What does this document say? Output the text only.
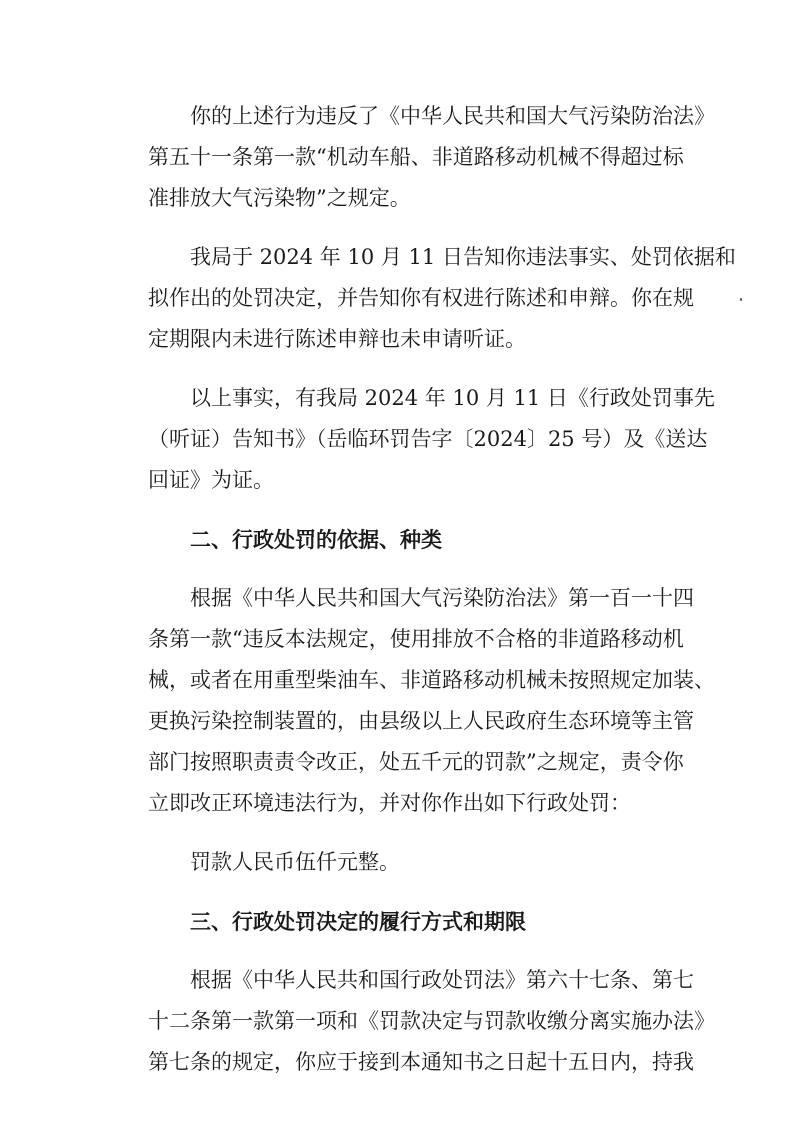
　　你的上述行为违反了《中华人民共和国大气污染防治法》
第五十一条第一款“机动车船、非道路移动机械不得超过标
准排放大气污染物”之规定。
　　我局于 2024 年 10 月 11 日告知你违法事实、处罚依据和
拟作出的处罚决定，并告知你有权进行陈述和申辩。你在规
定期限内未进行陈述申辩也未申请听证。
　　以上事实，有我局 2024 年 10 月 11 日《行政处罚事先
（听证）告知书》（岳临环罚告字〔2024〕25 号）及《送达
回证》为证。
　　二、行政处罚的依据、种类
　　根据《中华人民共和国大气污染防治法》第一百一十四
条第一款“违反本法规定，使用排放不合格的非道路移动机
械，或者在用重型柴油车、非道路移动机械未按照规定加装、
更换污染控制装置的，由县级以上人民政府生态环境等主管
部门按照职责责令改正，处五千元的罚款”之规定，责令你
立即改正环境违法行为，并对你作出如下行政处罚：
　　罚款人民币伍仟元整。
　　三、行政处罚决定的履行方式和期限
　　根据《中华人民共和国行政处罚法》第六十七条、第七
十二条第一款第一项和《罚款决定与罚款收缴分离实施办法》
第七条的规定，你应于接到本通知书之日起十五日内，持我
